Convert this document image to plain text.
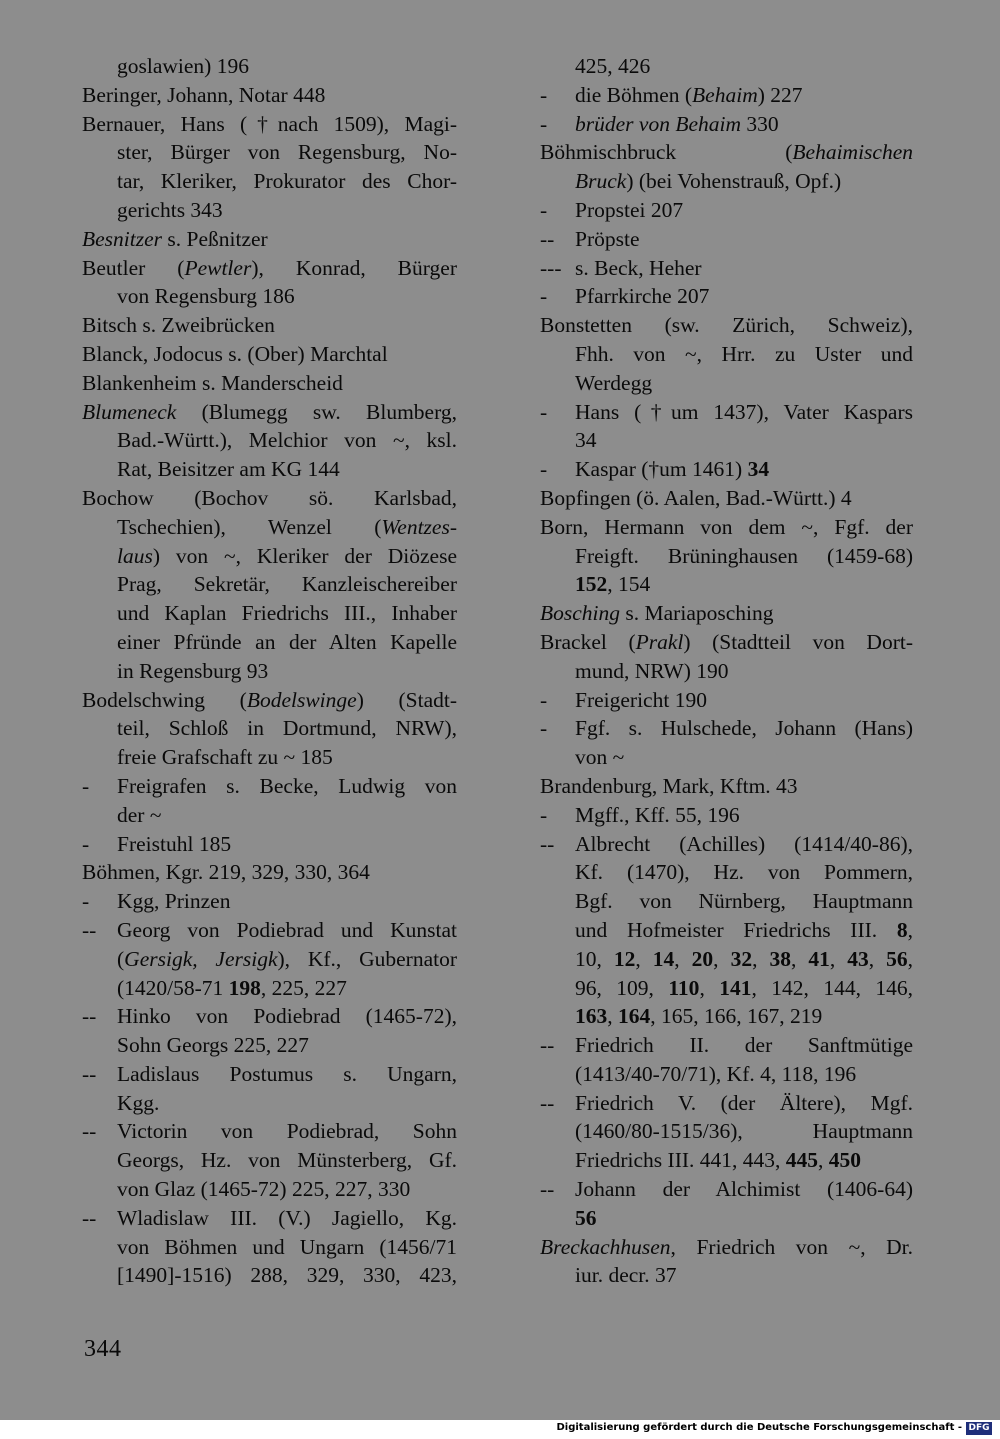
goslawien) 196
Beringer, Johann, Notar 448
Bernauer, Hans (†nach 1509), Magi-
ster, Bürger von Regensburg, No-
tar, Kleriker, Prokurator des Chor-
gerichts 343
Besnitzer s. Peßnitzer
Beutler (Pewtler), Konrad, Bürger
von Regensburg 186
Bitsch s. Zweibrücken
Blanck, Jodocus s. (Ober) Marchtal
Blankenheim s. Manderscheid
Blumeneck (Blumegg sw. Blumberg,
Bad.-Württ.), Melchior von ~, ksl.
Rat, Beisitzer am KG 144
Bochow (Bochov sö. Karlsbad,
Tschechien), Wenzel (Wentzes-
laus) von ~, Kleriker der Diözese
Prag, Sekretär, Kanzleischereiber
und Kaplan Friedrichs III., Inhaber
einer Pfründe an der Alten Kapelle
in Regensburg 93
Bodelschwing (Bodelswinge) (Stadt-
teil, Schloß in Dortmund, NRW),
freie Grafschaft zu ~ 185
-	Freigrafen s. Becke, Ludwig von
der ~
- Freistuhl 185
Böhmen, Kgr. 219, 329, 330, 364
- Kgg, Prinzen
-- Georg von Podiebrad und Kunstat
(Gersigk, Jersigk), Kf., Gubernator
(1420/58-71 198, 225, 227
-- Hinko von Podiebrad (1465-72),
Sohn Georgs 225, 227
-- Ladislaus Postumus s. Ungarn,
Kgg.
-- Victorin von Podiebrad, Sohn
Georgs, Hz. von Münsterberg, Gf.
von Glaz (1465-72) 225, 227, 330
-- Wladislaw III. (V.) Jagiello, Kg.
von Böhmen und Ungarn (1456/71
[1490]-1516) 288, 329, 330, 423,
425, 426
- die Böhmen (Behaim) 227
- brüder von Behaim 330
Böhmischbruck (Behaimischen
Bruck) (bei Vohenstrauß, Opf.)
- Propstei 207
-- Pröpste
--- s. Beck, Heher
- Pfarrkirche 207
Bonstetten (sw. Zürich, Schweiz),
Fhh. von ~, Hrr. zu Uster und
Werdegg
-	Hans (†um 1437), Vater Kaspars
34
- Kaspar (†um 1461) 34
Bopfingen (ö. Aalen, Bad.-Württ.) 4
Born, Hermann von dem ~, Fgf. der
Freigft. Brüninghausen (1459-68)
152, 154
Bosching s. Mariaposching
Brackel (Prakl) (Stadtteil von Dort-
mund, NRW) 190
- Freigericht 190
-	Fgf. s. Hulschede, Johann (Hans)
von ~
Brandenburg, Mark, Kftm. 43
- Mgff., Kff. 55, 196
-- Albrecht (Achilles) (1414/40-86),
Kf. (1470), Hz. von Pommern,
Bgf. von Nürnberg, Hauptmann
und Hofmeister Friedrichs III. 8,
10, 12, 14, 20, 32, 38, 41, 43, 56,
96, 109, 110, 141, 142, 144, 146,
163, 164, 165, 166, 167, 219
-- Friedrich II. der Sanftmütige
(1413/40-70/71), Kf. 4, 118, 196
-- Friedrich V. (der Ältere), Mgf.
(1460/80-1515/36), Hauptmann
Friedrichs III. 441, 443, 445, 450
-- Johann der Alchimist (1406-64)
56
Breckachhusen, Friedrich von ~, Dr.
iur. decr. 37
344
Digitalisierung gefördert durch die Deutsche Forschungsgemeinschaft - DFG
